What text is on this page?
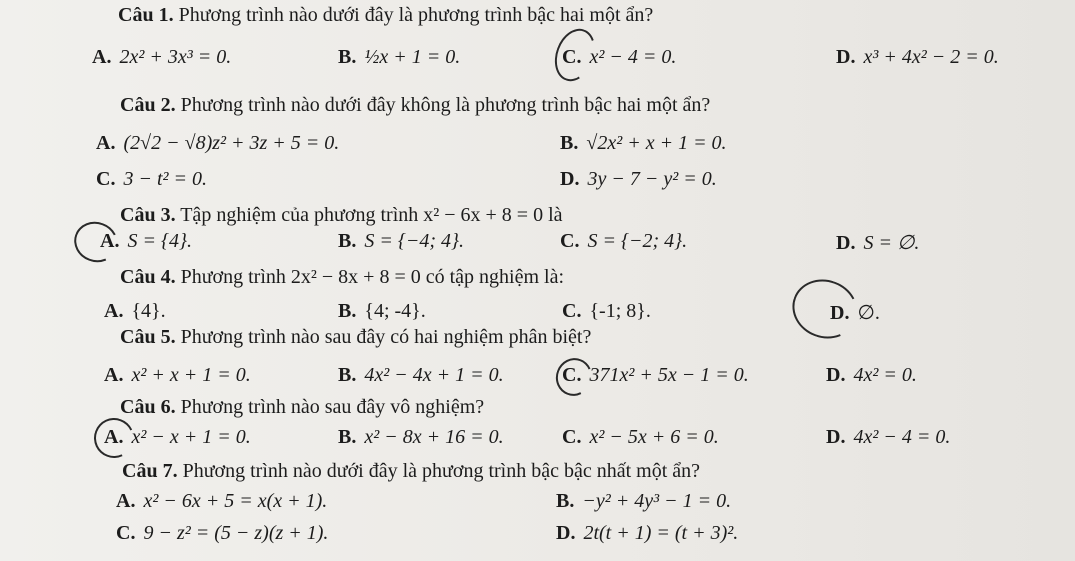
Câu 1. Phương trình nào dưới đây là phương trình bậc hai một ẩn?
A. 2x² + 3x³ = 0.	B. ½x + 1 = 0.	C. x² − 4 = 0.	D. x³ + 4x² − 2 = 0.
Câu 2. Phương trình nào dưới đây không là phương trình bậc hai một ẩn?
A. (2√2 − √8)z² + 3z + 5 = 0.	B. √2x² + x + 1 = 0.
C. 3 − t² = 0.	D. 3y − 7 − y² = 0.
Câu 3. Tập nghiệm của phương trình x² − 6x + 8 = 0 là
A. S = {4}.	B. S = {−4; 4}.	C. S = {−2; 4}.	D. S = ∅.
Câu 4. Phương trình 2x² − 8x + 8 = 0 có tập nghiệm là:
A. {4}.	B. {4; -4}.	C. {-1; 8}.	D. ∅.
Câu 5. Phương trình nào sau đây có hai nghiệm phân biệt?
A. x² + x + 1 = 0.	B. 4x² − 4x + 1 = 0.	C. 371x² + 5x − 1 = 0.	D. 4x² = 0.
Câu 6. Phương trình nào sau đây vô nghiệm?
A. x² − x + 1 = 0.	B. x² − 8x + 16 = 0.	C. x² − 5x + 6 = 0.	D. 4x² − 4 = 0.
Câu 7. Phương trình nào dưới đây là phương trình bậc bậc nhất một ẩn?
A. x² − 6x + 5 = x(x + 1).	B. −y² + 4y³ − 1 = 0.
C. 9 − z² = (5 − z)(z + 1).	D. 2t(t + 1) = (t + 3)².
